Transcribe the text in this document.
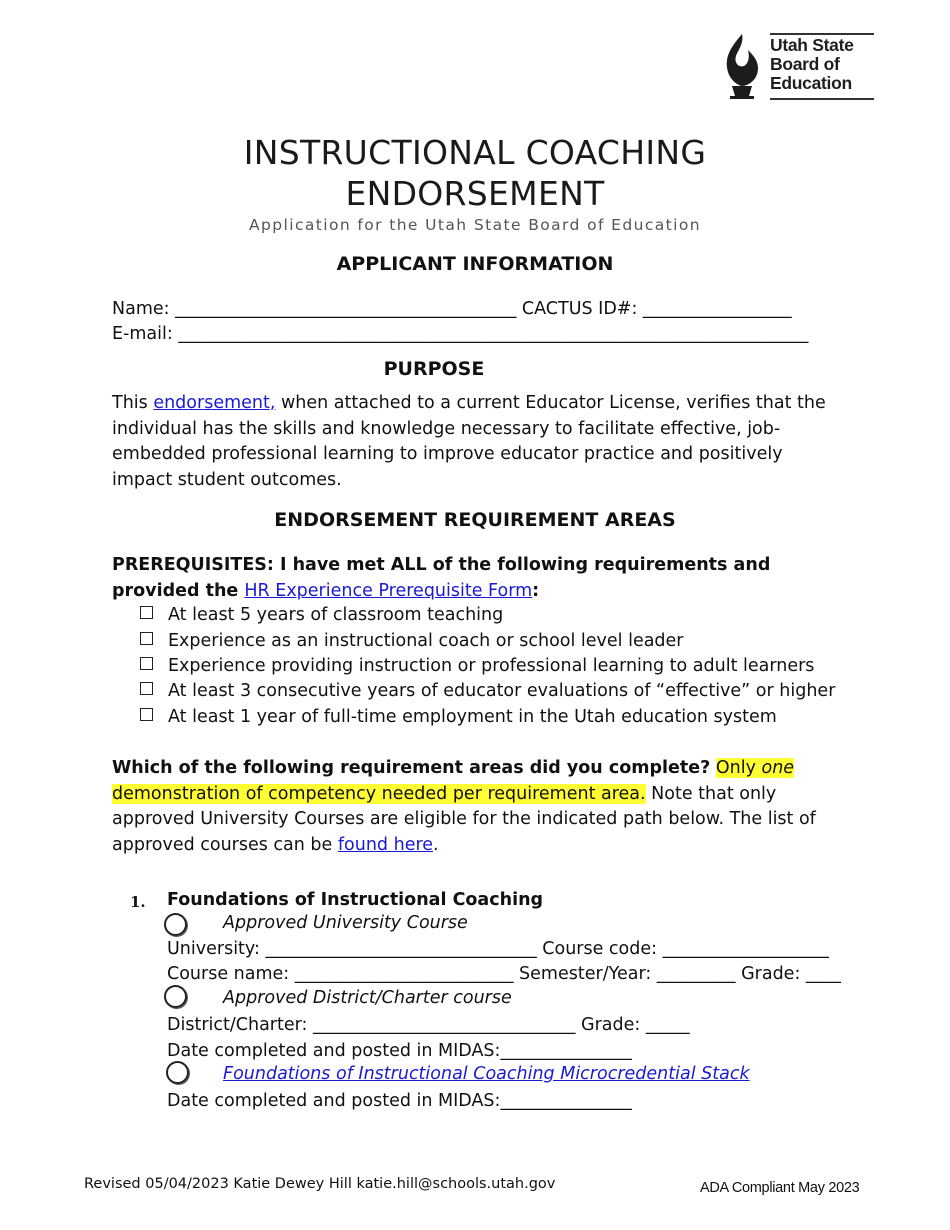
Utah State
Board of
Education
INSTRUCTIONAL COACHING
ENDORSEMENT
Application for the Utah State Board of Education
APPLICANT INFORMATION
Name: _______________________________________ CACTUS ID#: _________________
E-mail: ________________________________________________________________________
PURPOSE
This endorsement, when attached to a current Educator License, verifies that the individual has the skills and knowledge necessary to facilitate effective, job-embedded professional learning to improve educator practice and positively impact student outcomes.
ENDORSEMENT REQUIREMENT AREAS
PREREQUISITES: I have met ALL of the following requirements and provided the HR Experience Prerequisite Form:
At least 5 years of classroom teaching
Experience as an instructional coach or school level leader
Experience providing instruction or professional learning to adult learners
At least 3 consecutive years of educator evaluations of “effective” or higher
At least 1 year of full-time employment in the Utah education system
Which of the following requirement areas did you complete? Only one demonstration of competency needed per requirement area. Note that only approved University Courses are eligible for the indicated path below. The list of approved courses can be found here.
1. Foundations of Instructional Coaching
Approved University Course
University: _______________________________ Course code: ___________________
Course name: _________________________ Semester/Year: _________ Grade: ____
Approved District/Charter course
District/Charter: ______________________________ Grade: _____
Date completed and posted in MIDAS:_______________
Foundations of Instructional Coaching Microcredential Stack
Date completed and posted in MIDAS:_______________
Revised 05/04/2023 Katie Dewey Hill katie.hill@schools.utah.gov	ADA Compliant May 2023
